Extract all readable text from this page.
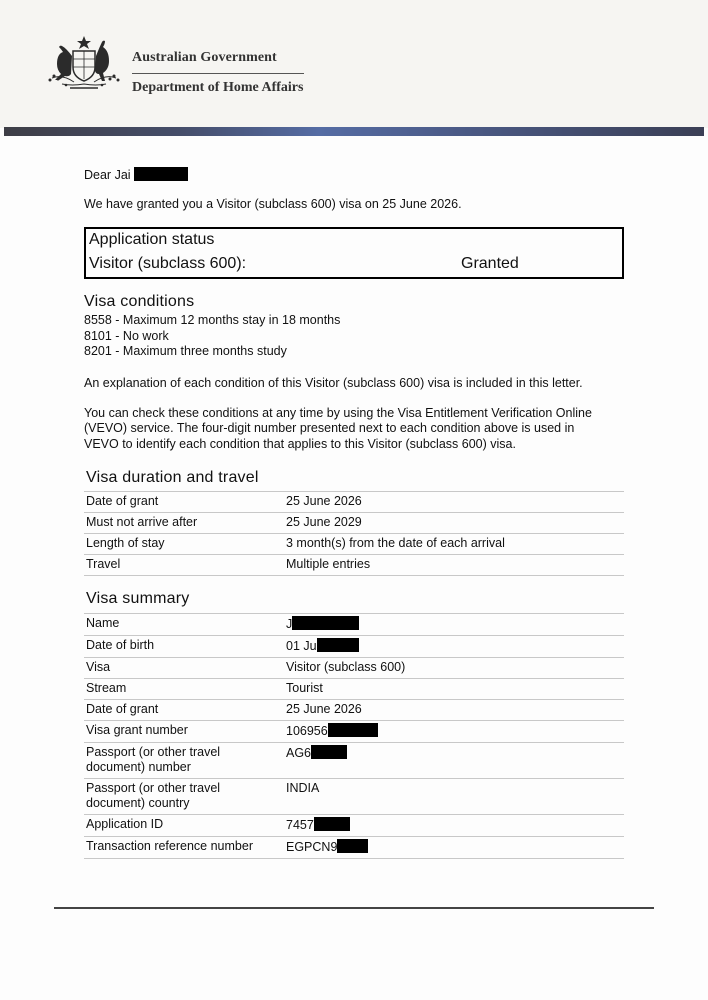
Australian Government
Department of Home Affairs
Dear Jai
We have granted you a Visitor (subclass 600) visa on 25 June 2026.
Application status
Visitor (subclass 600):	Granted
Visa conditions
8558 - Maximum 12 months stay in 18 months
8101 - No work
8201 - Maximum three months study
An explanation of each condition of this Visitor (subclass 600) visa is included in this letter.
You can check these conditions at any time by using the Visa Entitlement Verification Online
(VEVO) service. The four-digit number presented next to each condition above is used in
VEVO to identify each condition that applies to this Visitor (subclass 600) visa.
Visa duration and travel
Date of grant	25 June 2026
Must not arrive after	25 June 2029
Length of stay	3 month(s) from the date of each arrival
Travel	Multiple entries
Visa summary
Name	J
Date of birth	01 Ju
Visa	Visitor (subclass 600)
Stream	Tourist
Date of grant	25 June 2026
Visa grant number	106956
Passport (or other travel document) number	AG6
Passport (or other travel document) country	INDIA
Application ID	7457
Transaction reference number	EGPCN9
